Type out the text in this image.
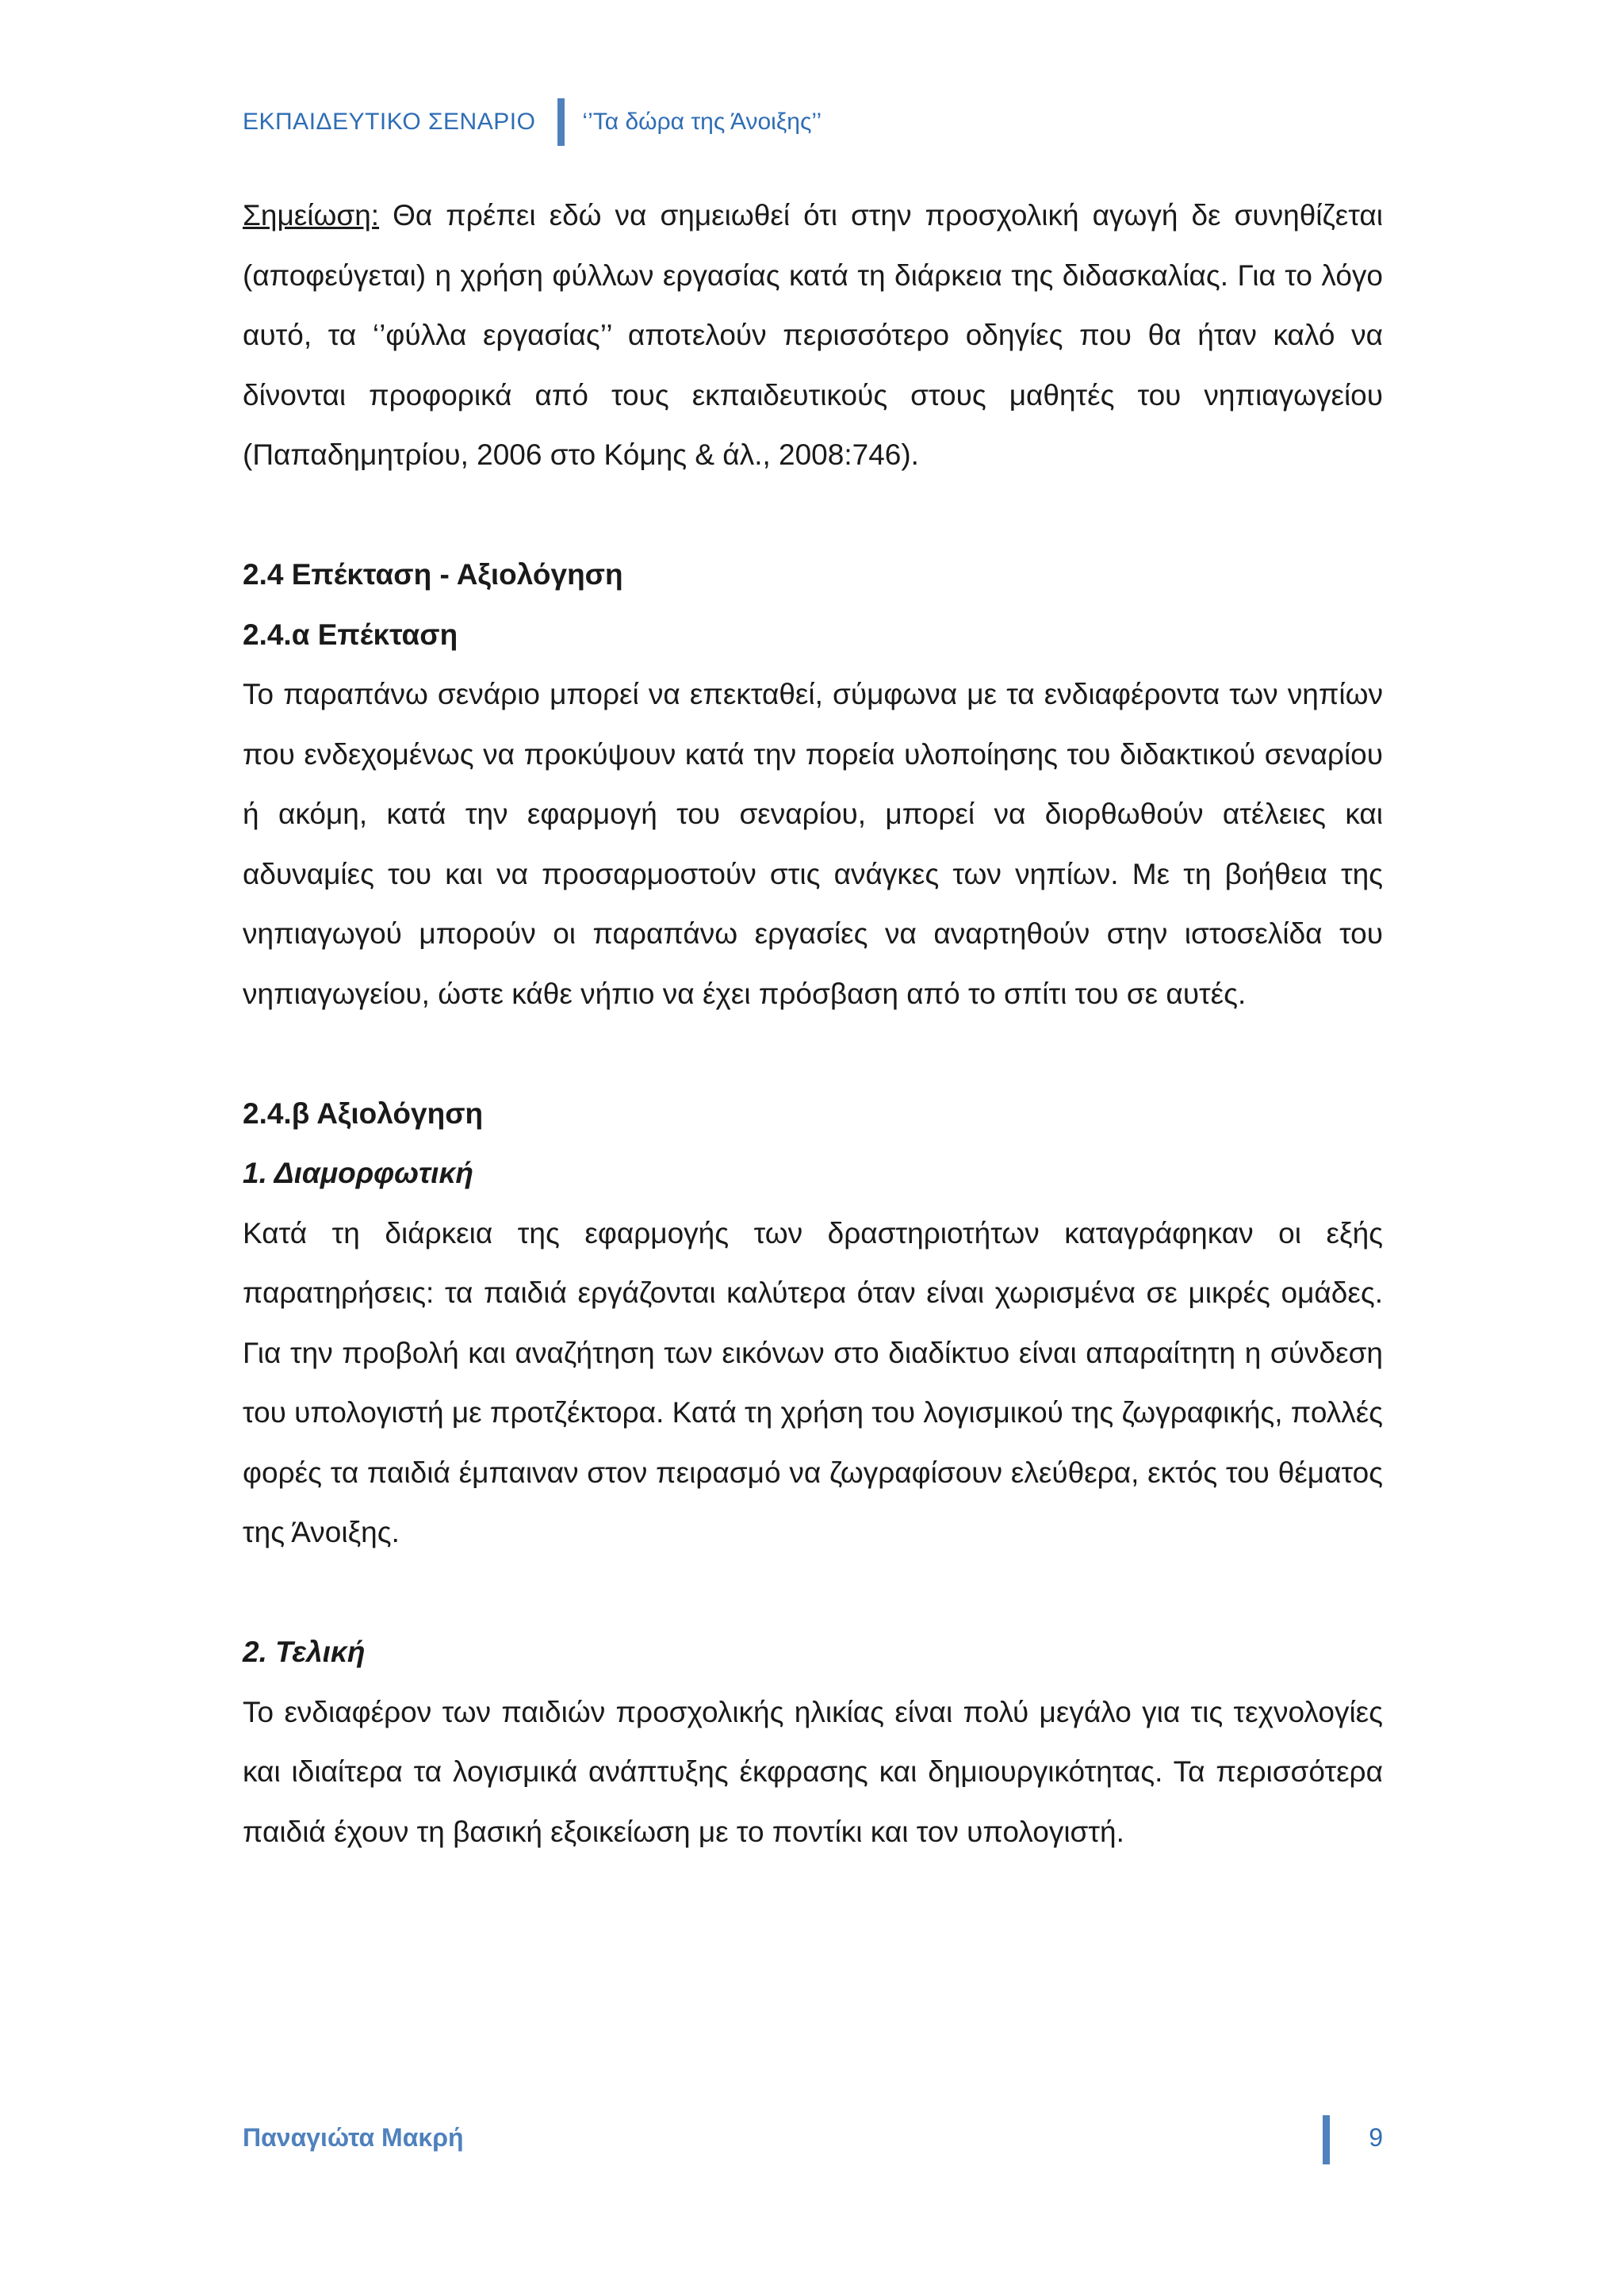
ΕΚΠΑΙΔΕΥΤΙΚΟ ΣΕΝΑΡΙΟ ‘’Τα δώρα της Άνοιξης’’

Σημείωση: Θα πρέπει εδώ να σημειωθεί ότι στην προσχολική αγωγή δε συνηθίζεται (αποφεύγεται) η χρήση φύλλων εργασίας κατά τη διάρκεια της διδασκαλίας. Για το λόγο αυτό, τα ‘’φύλλα εργασίας’’ αποτελούν περισσότερο οδηγίες που θα ήταν καλό να δίνονται προφορικά από τους εκπαιδευτικούς στους μαθητές του νηπιαγωγείου (Παπαδημητρίου, 2006 στο Κόμης & άλ., 2008:746).

2.4 Επέκταση - Αξιολόγηση

2.4.α Επέκταση

Το παραπάνω σενάριο μπορεί να επεκταθεί, σύμφωνα με τα ενδιαφέροντα των νηπίων που ενδεχομένως να προκύψουν κατά την πορεία υλοποίησης του διδακτικού σεναρίου ή ακόμη, κατά την εφαρμογή του σεναρίου, μπορεί να διορθωθούν ατέλειες και αδυναμίες του και να προσαρμοστούν στις ανάγκες των νηπίων. Με τη βοήθεια της νηπιαγωγού μπορούν οι παραπάνω εργασίες να αναρτηθούν στην ιστοσελίδα του νηπιαγωγείου, ώστε κάθε νήπιο να έχει πρόσβαση από το σπίτι του σε αυτές.

2.4.β Αξιολόγηση

1. Διαμορφωτική

Κατά τη διάρκεια της εφαρμογής των δραστηριοτήτων καταγράφηκαν οι εξής παρατηρήσεις: τα παιδιά εργάζονται καλύτερα όταν είναι χωρισμένα σε μικρές ομάδες. Για την προβολή και αναζήτηση των εικόνων στο διαδίκτυο είναι απαραίτητη η σύνδεση του υπολογιστή με προτζέκτορα. Κατά τη χρήση του λογισμικού της ζωγραφικής, πολλές φορές τα παιδιά έμπαιναν στον πειρασμό να ζωγραφίσουν ελεύθερα, εκτός του θέματος της Άνοιξης.

2. Τελική

Το ενδιαφέρον των παιδιών προσχολικής ηλικίας είναι πολύ μεγάλο για τις τεχνολογίες και ιδιαίτερα τα λογισμικά ανάπτυξης έκφρασης και δημιουργικότητας. Τα περισσότερα παιδιά έχουν τη βασική εξοικείωση με το ποντίκι και τον υπολογιστή.

Παναγιώτα Μακρή	9
